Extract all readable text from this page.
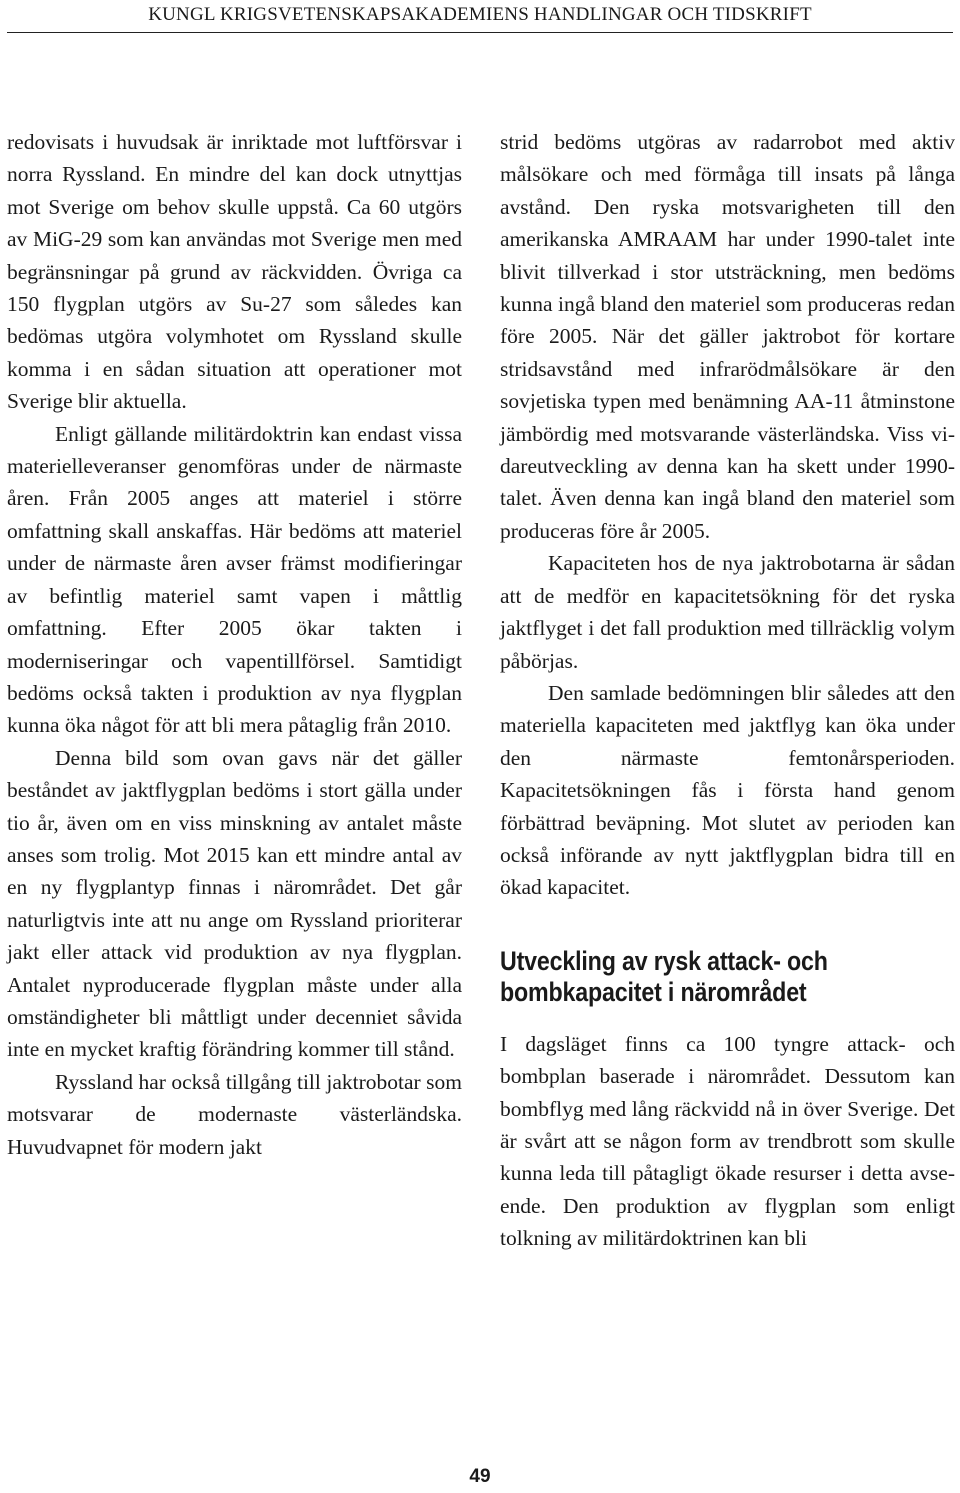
KUNGL KRIGSVETENSKAPSAKADEMIENS HANDLINGAR OCH TIDSKRIFT

redovisats i huvudsak är inriktade mot luftförsvar i norra Ryssland. En mindre del kan dock utnyttjas mot Sverige om behov skulle uppstå. Ca 60 utgörs av MiG-29 som kan användas mot Sverige men med begränsningar på grund av räckvidden. Övriga ca 150 flygplan utgörs av Su-27 som således kan bedömas utgöra volymhotet om Ryssland skulle komma i en sådan situation att operationer mot Sverige blir aktuella.

Enligt gällande militärdoktrin kan endast vissa materielleveranser genomföras under de närmaste åren. Från 2005 anges att materiel i större omfattning skall anskaffas. Här bedöms att materiel under de närmaste åren avser främst modifieringar av befintlig materiel samt vapen i måttlig omfattning. Efter 2005 ökar takten i moderniseringar och vapentillförsel. Samtidigt bedöms också takten i produktion av nya flygplan kunna öka något för att bli mera påtaglig från 2010.

Denna bild som ovan gavs när det gäller beståndet av jaktflygplan bedöms i stort gälla under tio år, även om en viss minskning av antalet måste anses som trolig. Mot 2015 kan ett mindre antal av en ny flygplantyp finnas i närområdet. Det går naturligtvis inte att nu ange om Ryssland prioriterar jakt eller attack vid produktion av nya flygplan. Antalet nyproducerade flygplan måste under alla omständigheter bli måttligt under decenniet såvida inte en mycket kraftig förändring kommer till stånd.

Ryssland har också tillgång till jaktrobotar som motsvarar de modernaste västerländska. Huvudvapnet för modern jakt

strid bedöms utgöras av radarrobot med aktiv målsökare och med förmåga till insats på långa avstånd. Den ryska motsvarigheten till den amerikanska AMRAAM har under 1990-talet inte blivit tillverkad i stor utsträckning, men bedöms kunna ingå bland den materiel som produceras redan före 2005. När det gäller jaktrobot för kortare stridsavstånd med infrarödmålsökare är den sovjetiska typen med benämning AA-11 åtminstone jämbördig med motsvarande västerländska. Viss vidareutveckling av denna kan ha skett under 1990-talet. Även denna kan ingå bland den materiel som produceras före år 2005.

Kapaciteten hos de nya jaktrobotarna är sådan att de medför en kapacitetsökning för det ryska jaktflyget i det fall produktion med tillräcklig volym påbörjas.

Den samlade bedömningen blir således att den materiella kapaciteten med jaktflyg kan öka under den närmaste femtonårsperioden. Kapacitetsökningen fås i första hand genom förbättrad beväpning. Mot slutet av perioden kan också införande av nytt jaktflygplan bidra till en ökad kapacitet.

Utveckling av rysk attack- och bombkapacitet i närområdet

I dagsläget finns ca 100 tyngre attack- och bombplan baserade i närområdet. Dessutom kan bombflyg med lång räckvidd nå in över Sverige. Det är svårt att se någon form av trendbrott som skulle kunna leda till påtagligt ökade resurser i detta avseende. Den produktion av flygplan som enligt tolkning av militärdoktrinen kan bli

49
